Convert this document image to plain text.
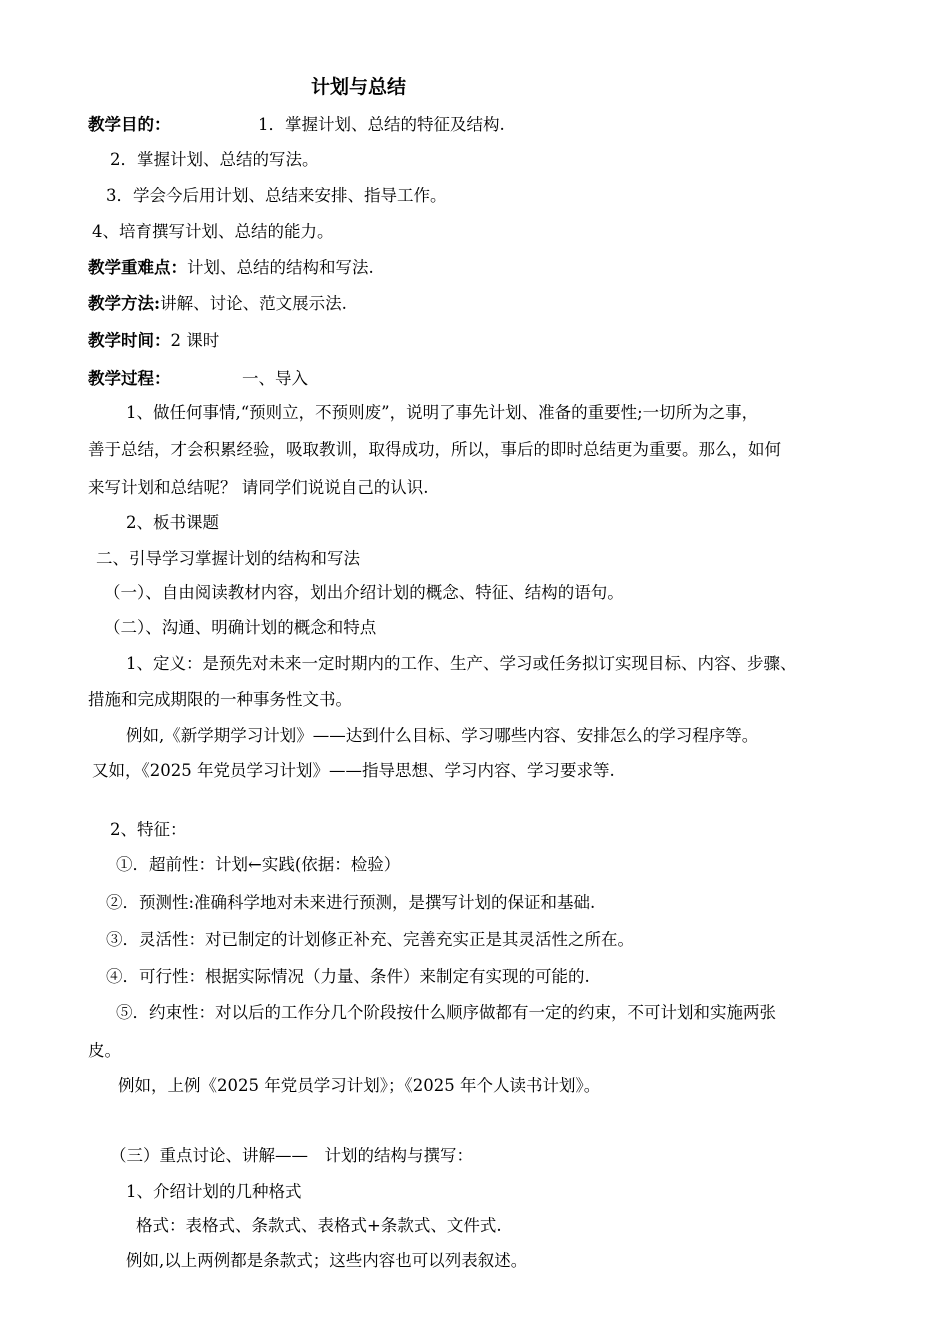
计划与总结
教学目的：	1．掌握计划、总结的特征及结构.
2．掌握计划、总结的写法。
3．学会今后用计划、总结来安排、指导工作。
4、培育撰写计划、总结的能力。
教学重难点：计划、总结的结构和写法.
教学方法:讲解、讨论、范文展示法.
教学时间：2 课时
教学过程：	一、导入
1、做任何事情,“预则立，不预则废”，说明了事先计划、准备的重要性;一切所为之事，
善于总结，才会积累经验，吸取教训，取得成功，所以，事后的即时总结更为重要。那么，如何
来写计划和总结呢？ 请同学们说说自己的认识.
2、板书课题
二、引导学习掌握计划的结构和写法
（一）、自由阅读教材内容，划出介绍计划的概念、特征、结构的语句。
（二）、沟通、明确计划的概念和特点
1、定义：是预先对未来一定时期内的工作、生产、学习或任务拟订实现目标、内容、步骤、
措施和完成期限的一种事务性文书。
例如,《新学期学习计划》——达到什么目标、学习哪些内容、安排怎么的学习程序等。
又如，《2025 年党员学习计划》——指导思想、学习内容、学习要求等.
2、特征：
①．超前性：计划←实践(依据：检验）
②．预测性:准确科学地对未来进行预测，是撰写计划的保证和基础.
③．灵活性：对已制定的计划修正补充、完善充实正是其灵活性之所在。
④．可行性：根据实际情况（力量、条件）来制定有实现的可能的.
⑤．约束性：对以后的工作分几个阶段按什么顺序做都有一定的约束，不可计划和实施两张
皮。
例如，上例《2025 年党员学习计划》；《2025 年个人读书计划》。
（三）重点讨论、讲解——　计划的结构与撰写：
1、介绍计划的几种格式
格式：表格式、条款式、表格式+条款式、文件式.
例如,以上两例都是条款式；这些内容也可以列表叙述。
